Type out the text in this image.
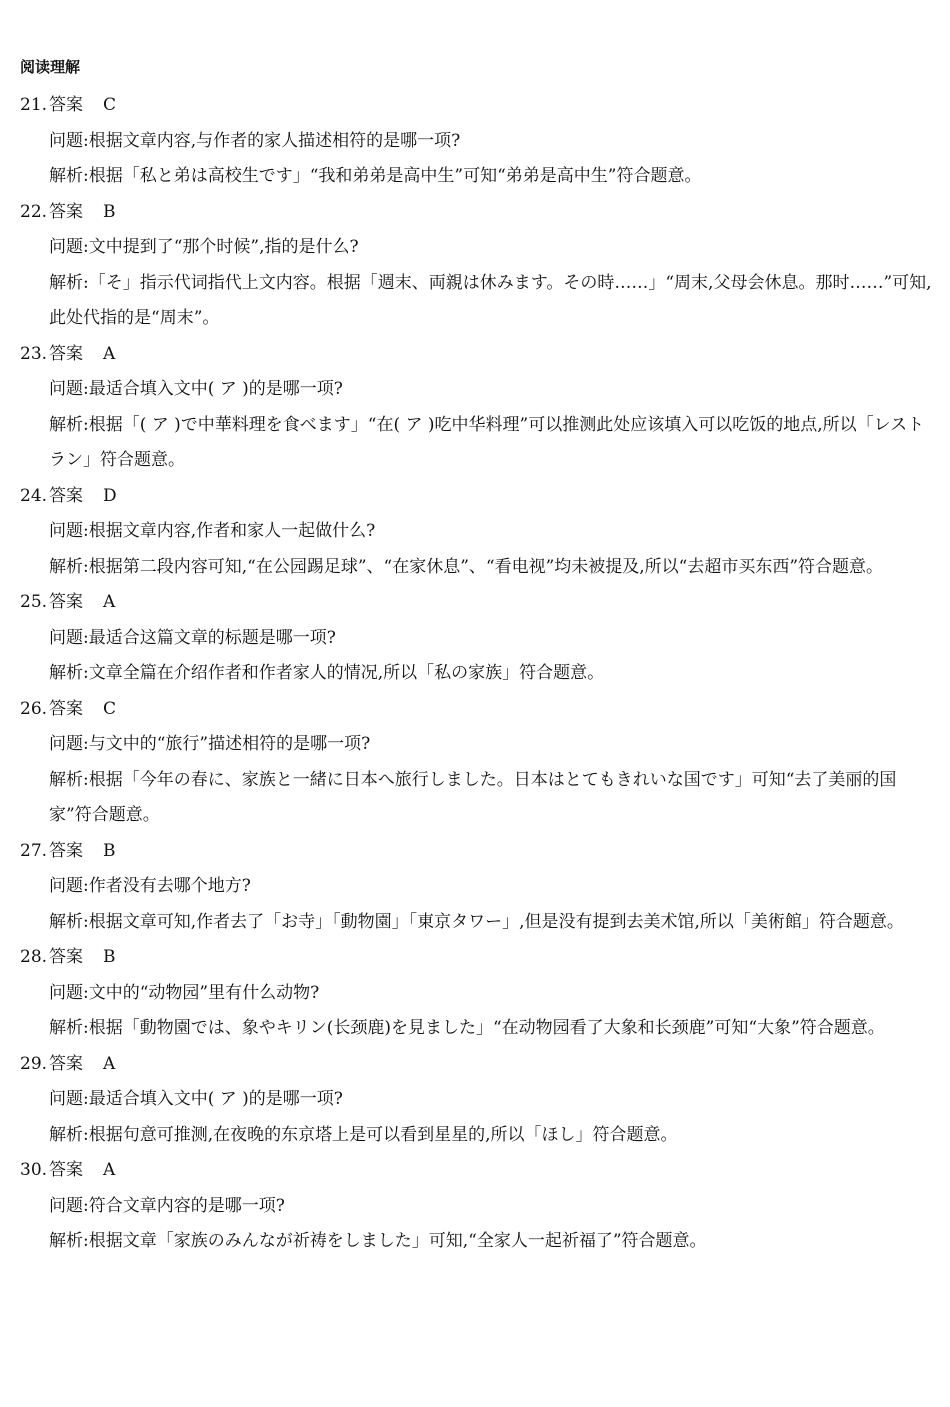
阅读理解
21. 答案 C
问题:根据文章内容,与作者的家人描述相符的是哪一项?
解析:根据「私と弟は高校生です」“我和弟弟是高中生”可知“弟弟是高中生”符合题意。
22. 答案 B
问题:文中提到了“那个时候”,指的是什么?
解析:「そ」指示代词指代上文内容。根据「週末、両親は休みます。その時……」“周末,父母会休息。那时……”可知,此处代指的是“周末”。
23. 答案 A
问题:最适合填入文中( ア )的是哪一项?
解析:根据「( ア )で中華料理を食べます」“在( ア )吃中华料理”可以推测此处应该填入可以吃饭的地点,所以「レストラン」符合题意。
24. 答案 D
问题:根据文章内容,作者和家人一起做什么?
解析:根据第二段内容可知,“在公园踢足球”、“在家休息”、“看电视”均未被提及,所以“去超市买东西”符合题意。
25. 答案 A
问题:最适合这篇文章的标题是哪一项?
解析:文章全篇在介绍作者和作者家人的情况,所以「私の家族」符合题意。
26. 答案 C
问题:与文中的“旅行”描述相符的是哪一项?
解析:根据「今年の春に、家族と一緒に日本へ旅行しました。日本はとてもきれいな国です」可知“去了美丽的国家”符合题意。
27. 答案 B
问题:作者没有去哪个地方?
解析:根据文章可知,作者去了「お寺」「動物園」「東京タワー」,但是没有提到去美术馆,所以「美術館」符合题意。
28. 答案 B
问题:文中的“动物园”里有什么动物?
解析:根据「動物園では、象やキリン(长颈鹿)を見ました」“在动物园看了大象和长颈鹿”可知“大象”符合题意。
29. 答案 A
问题:最适合填入文中( ア )的是哪一项?
解析:根据句意可推测,在夜晚的东京塔上是可以看到星星的,所以「ほし」符合题意。
30. 答案 A
问题:符合文章内容的是哪一项?
解析:根据文章「家族のみんなが祈祷をしました」可知,“全家人一起祈福了”符合题意。
